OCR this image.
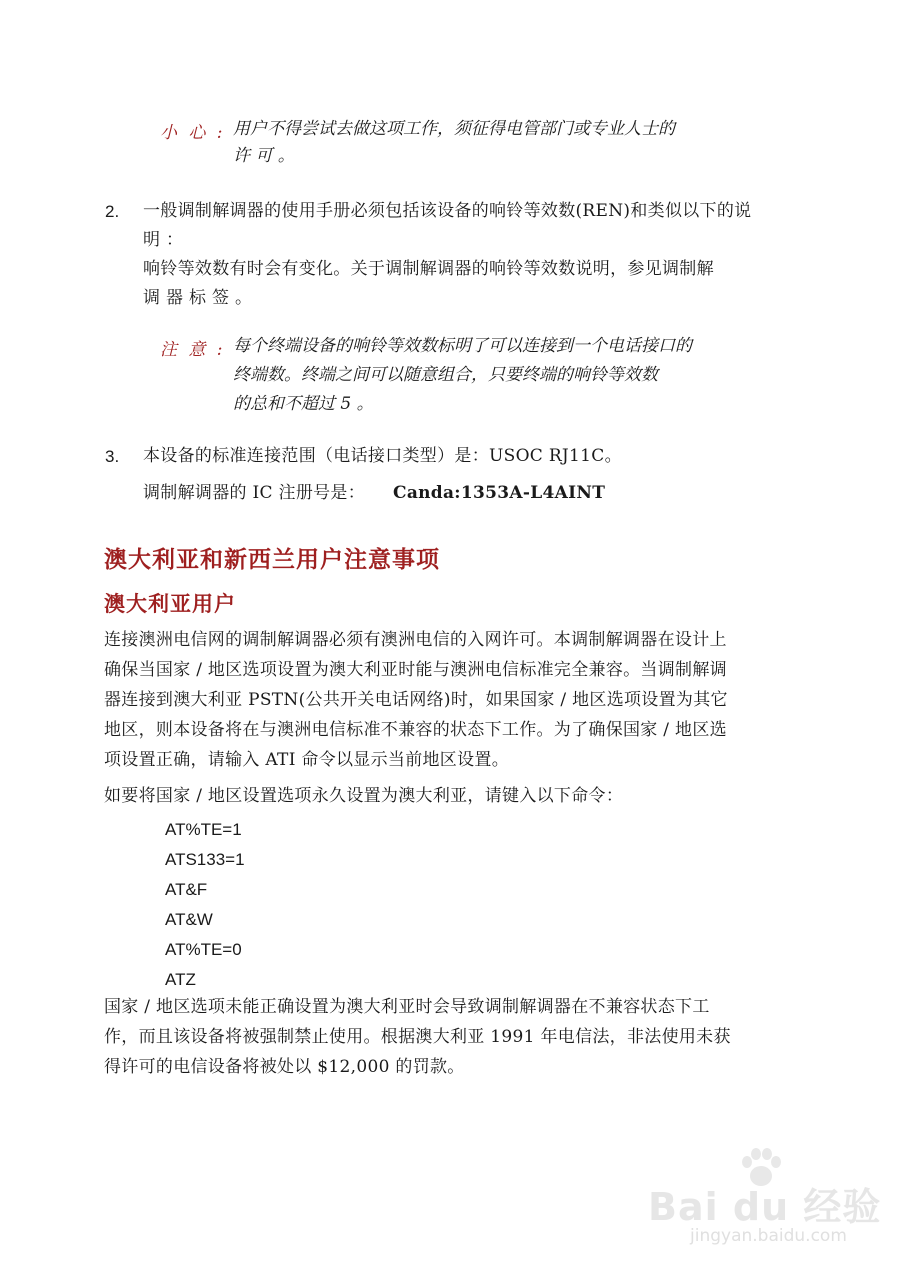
小 心 : 用户不得尝试去做这项工作，须征得电管部门或专业人士的
许 可 。
2. 一般调制解调器的使用手册必须包括该设备的响铃等效数(REN)和类似以下的说
明 ：
响铃等效数有时会有变化。关于调制解调器的响铃等效数说明，参见调制解
调 器 标 签 。
注 意 : 每个终端设备的响铃等效数标明了可以连接到一个电话接口的
终端数。终端之间可以随意组合，只要终端的响铃等效数
的总和不超过 5 。
3. 本设备的标准连接范围（电话接口类型）是：USOC RJ11C。
调制解调器的 IC 注册号是： Canda:1353A-L4AINT
澳大利亚和新西兰用户注意事项
澳大利亚用户
连接澳洲电信网的调制解调器必须有澳洲电信的入网许可。本调制解调器在设计上
确保当国家 / 地区选项设置为澳大利亚时能与澳洲电信标准完全兼容。当调制解调
器连接到澳大利亚 PSTN(公共开关电话网络)时，如果国家 / 地区选项设置为其它
地区，则本设备将在与澳洲电信标准不兼容的状态下工作。为了确保国家 / 地区选
项设置正确，请输入 ATI 命令以显示当前地区设置。
如要将国家 / 地区设置选项永久设置为澳大利亚，请键入以下命令：
AT%TE=1
ATS133=1
AT&F
AT&W
AT%TE=0
ATZ
国家 / 地区选项未能正确设置为澳大利亚时会导致调制解调器在不兼容状态下工
作，而且该设备将被强制禁止使用。根据澳大利亚 1991 年电信法，非法使用未获
得许可的电信设备将被处以 $12,000 的罚款。
Bai du 经验
jingyan.baidu.com
